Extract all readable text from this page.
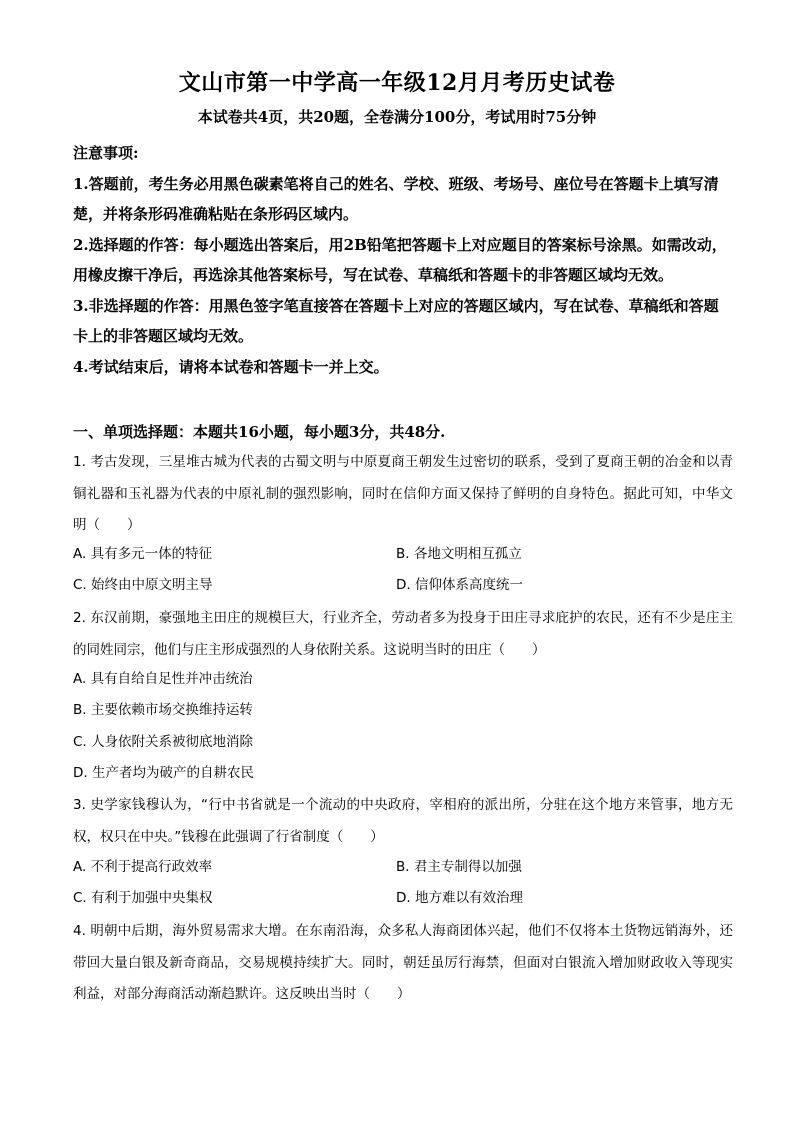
文山市第一中学高一年级12月月考历史试卷
本试卷共4页，共20题，全卷满分100分，考试用时75分钟

注意事项:

1.答题前，考生务必用黑色碳素笔将自己的姓名、学校、班级、考场号、座位号在答题卡上填写清楚，并将条形码准确粘贴在条形码区域内。

2.选择题的作答：每小题选出答案后，用2B铅笔把答题卡上对应题目的答案标号涂黑。如需改动，用橡皮擦干净后，再选涂其他答案标号，写在试卷、草稿纸和答题卡的非答题区域均无效。

3.非选择题的作答：用黑色签字笔直接答在答题卡上对应的答题区域内，写在试卷、草稿纸和答题卡上的非答题区域均无效。

4.考试结束后，请将本试卷和答题卡一并上交。

一、单项选择题：本题共16小题，每小题3分，共48分.
1. 考古发现，三星堆古城为代表的古蜀文明与中原夏商王朝发生过密切的联系，受到了夏商王朝的冶金和以青铜礼器和玉礼器为代表的中原礼制的强烈影响，同时在信仰方面又保持了鲜明的自身特色。据此可知，中华文明（　　）
A. 具有多元一体的特征	B. 各地文明相互孤立
C. 始终由中原文明主导	D. 信仰体系高度统一
2. 东汉前期，豪强地主田庄的规模巨大，行业齐全，劳动者多为投身于田庄寻求庇护的农民，还有不少是庄主的同姓同宗，他们与庄主形成强烈的人身依附关系。这说明当时的田庄（　　）
A. 具有自给自足性并冲击统治
B. 主要依赖市场交换维持运转
C. 人身依附关系被彻底地消除
D. 生产者均为破产的自耕农民
3. 史学家钱穆认为，“行中书省就是一个流动的中央政府，宰相府的派出所，分驻在这个地方来管事，地方无权，权只在中央。”钱穆在此强调了行省制度（　　）
A. 不利于提高行政效率	B. 君主专制得以加强
C. 有利于加强中央集权	D. 地方难以有效治理
4. 明朝中后期，海外贸易需求大增。在东南沿海，众多私人海商团体兴起，他们不仅将本土货物远销海外，还带回大量白银及新奇商品，交易规模持续扩大。同时，朝廷虽厉行海禁，但面对白银流入增加财政收入等现实利益，对部分海商活动渐趋默许。这反映出当时（　　）
